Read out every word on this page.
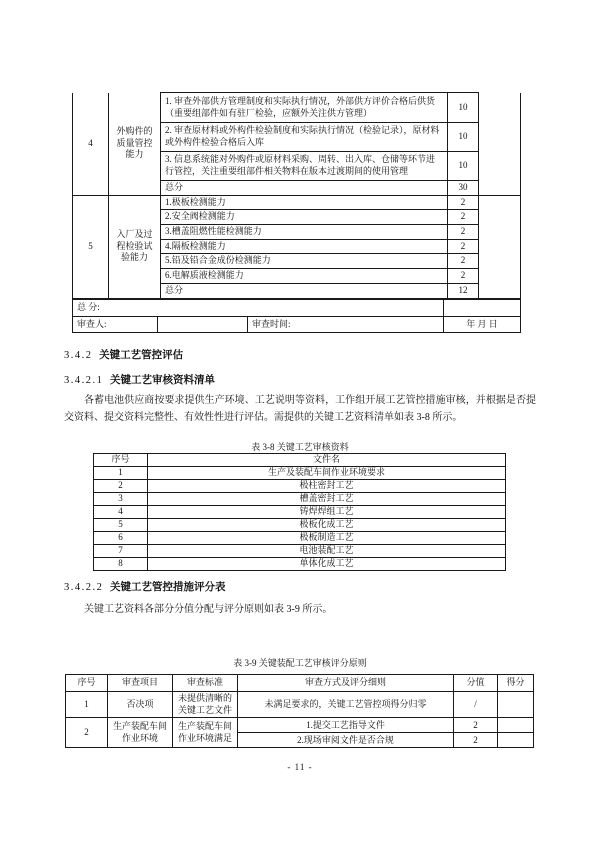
4	外购件的质量管控能力	1. 审查外部供方管理制度和实际执行情况，外部供方评价合格后供货（重要组部件如有驻厂检验，应额外关注供方管理）	10	
		2. 审查原材料或外构件检验制度和实际执行情况（检验记录），原材料或外构件检验合格后入库	10	
		3. 信息系统能对外购件或原材料采购、周转、出入库、仓储等环节进行管控，关注重要组部件相关物料在版本过渡期间的使用管理	10	
		总分	30	
5	入厂及过程检验试验能力	1.极板检测能力	2	
		2.安全阀检测能力	2	
		3.槽盖阻燃性能检测能力	2	
		4.隔板检测能力	2	
		5.铅及铅合金成份检测能力	2	
		6.电解质液检测能力	2	
		总分	12	
总 分:			
审查人:		审查时间:	年 月 日
3.4.2 关键工艺管控评估
3.4.2.1 关键工艺审核资料清单

各蓄电池供应商按要求提供生产环境、工艺说明等资料，工作组开展工艺管控措施审核，并根据是否提交资料、提交资料完整性、有效性性进行评估。需提供的关键工艺资料清单如表 3-8 所示。

表 3-8 关键工艺审核资料
序号	文件名
1	生产及装配车间作业环境要求
2	极柱密封工艺
3	槽盖密封工艺
4	铸焊焊组工艺
5	极板化成工艺
6	极板制造工艺
7	电池装配工艺
8	单体化成工艺
3.4.2.2 关键工艺管控措施评分表

关键工艺资料各部分分值分配与评分原则如表 3-9 所示。

表 3-9 关键装配工艺审核评分原则
序号	审查项目	审查标准	审查方式及评分细则	分值	得分
1	否决项	未提供清晰的关键工艺文件	未满足要求的，关键工艺管控项得分归零	/	
2	生产装配车间作业环境	生产装配车间作业环境满足	1.提交工艺指导文件	2	
			2.现场审阅文件是否合规	2	
- 11 -
